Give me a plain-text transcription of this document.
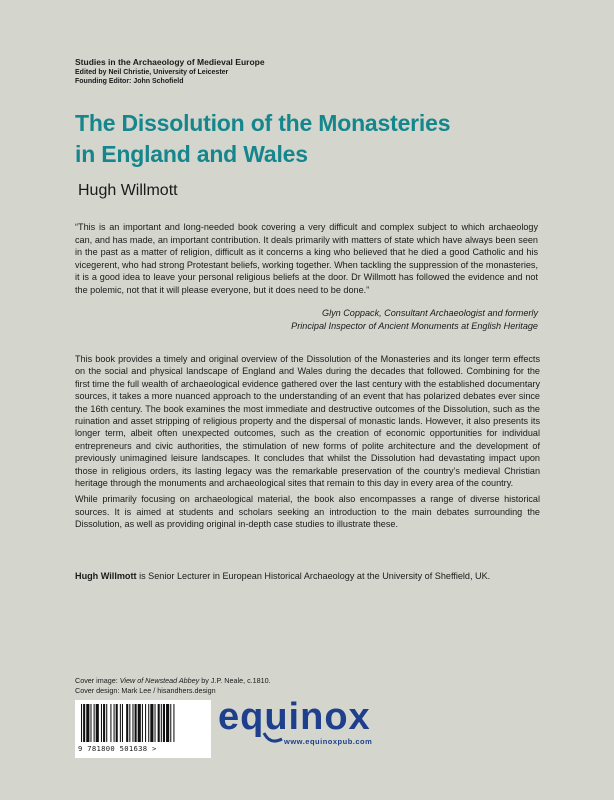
Studies in the Archaeology of Medieval Europe
Edited by Neil Christie, University of Leicester
Founding Editor: John Schofield
The Dissolution of the Monasteries
in England and Wales
Hugh Willmott
“This is an important and long-needed book covering a very difficult and complex subject to which archaeology can, and has made, an important contribution. It deals primarily with matters of state which have always been seen in the past as a matter of religion, difficult as it concerns a king who believed that he died a good Catholic and his vicegerent, who had strong Protestant beliefs, working together. When tackling the suppression of the monasteries, it is a good idea to leave your personal religious beliefs at the door. Dr Willmott has followed the evidence and not the polemic, not that it will please everyone, but it does need to be done.”
Glyn Coppack, Consultant Archaeologist and formerly
Principal Inspector of Ancient Monuments at English Heritage

This book provides a timely and original overview of the Dissolution of the Monasteries and its longer term effects on the social and physical landscape of England and Wales during the decades that followed. Combining for the first time the full wealth of archaeological evidence gathered over the last century with the established documentary sources, it takes a more nuanced approach to the understanding of an event that has polarized debates ever since the 16th century. The book examines the most immediate and destructive outcomes of the Dissolution, such as the ruination and asset stripping of religious property and the dispersal of monastic lands. However, it also presents its longer term, albeit often unexpected outcomes, such as the creation of economic opportunities for individual entrepreneurs and civic authorities, the stimulation of new forms of polite architecture and the development of previously unimagined leisure landscapes. It concludes that whilst the Dissolution had devastating impact upon those in religious orders, its lasting legacy was the remarkable preservation of the country’s medieval Christian heritage through the monuments and archaeological sites that remain to this day in every area of the country.

While primarily focusing on archaeological material, the book also encompasses a range of diverse historical sources. It is aimed at students and scholars seeking an introduction to the main debates surrounding the Dissolution, as well as providing original in-depth case studies to illustrate these.

Hugh Willmott is Senior Lecturer in European Historical Archaeology at the University of Sheffield, UK.
Cover image: View of Newstead Abbey by J.P. Neale, c.1810.
Cover design: Mark Lee / hisandhers.design
9 781800 501638 >
equinox
www.equinoxpub.com
